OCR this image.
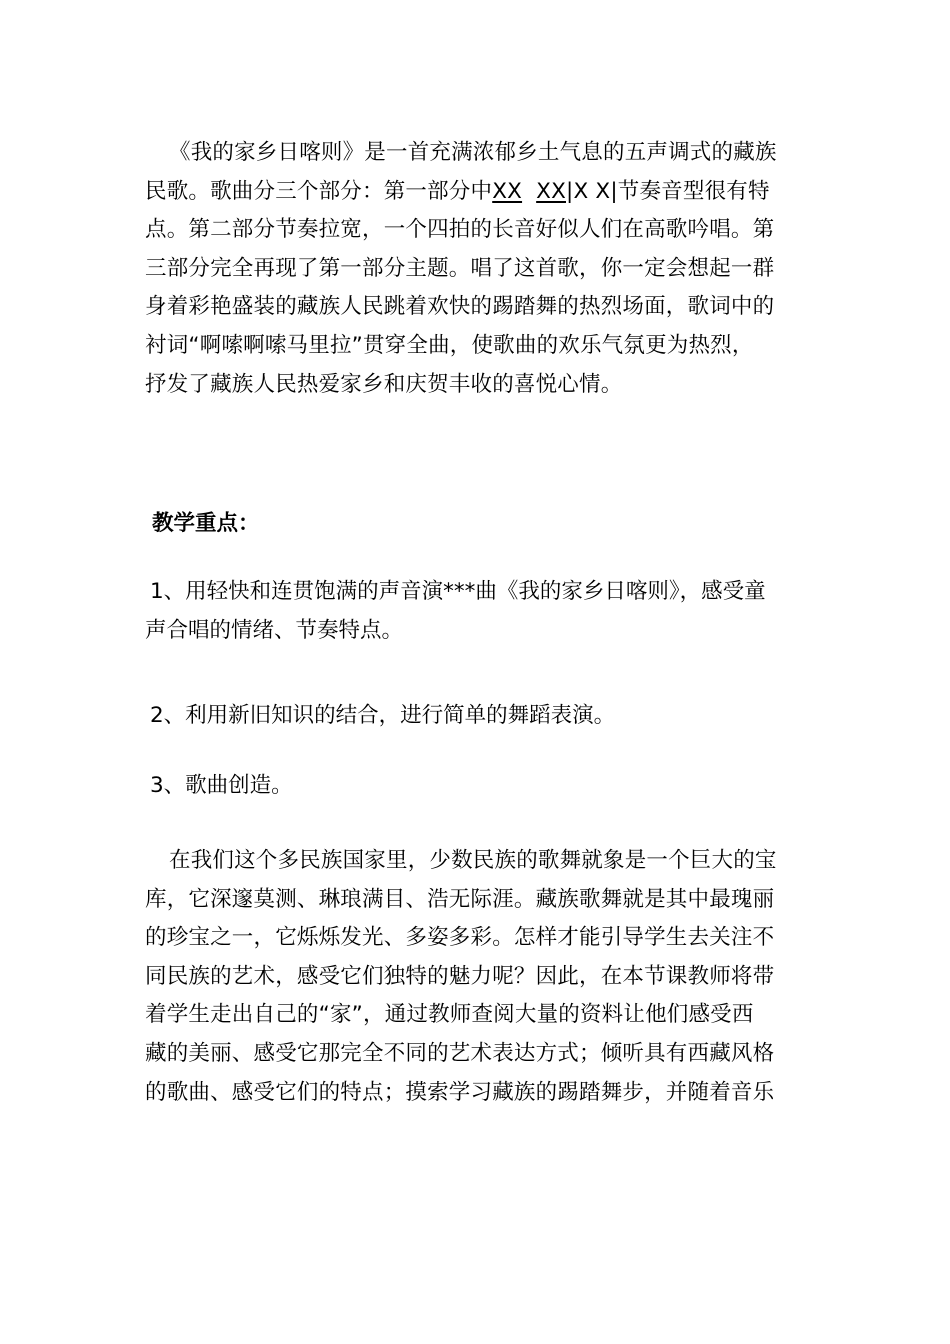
《我的家乡日喀则》是一首充满浓郁乡土气息的五声调式的藏族
民歌。歌曲分三个部分：第一部分中XX XX|X X|节奏音型很有特
点。第二部分节奏拉宽，一个四拍的长音好似人们在高歌吟唱。第
三部分完全再现了第一部分主题。唱了这首歌，你一定会想起一群
身着彩艳盛装的藏族人民跳着欢快的踢踏舞的热烈场面，歌词中的
衬词“啊嗦啊嗦马里拉”贯穿全曲，使歌曲的欢乐气氛更为热烈，
抒发了藏族人民热爱家乡和庆贺丰收的喜悦心情。
教学重点：
1、用轻快和连贯饱满的声音演***曲《我的家乡日喀则》，感受童
声合唱的情绪、节奏特点。
2、利用新旧知识的结合，进行简单的舞蹈表演。
3、歌曲创造。
在我们这个多民族国家里，少数民族的歌舞就象是一个巨大的宝
库，它深邃莫测、琳琅满目、浩无际涯。藏族歌舞就是其中最瑰丽
的珍宝之一，它烁烁发光、多姿多彩。怎样才能引导学生去关注不
同民族的艺术，感受它们独特的魅力呢？因此，在本节课教师将带
着学生走出自己的“家”，通过教师查阅大量的资料让他们感受西
藏的美丽、感受它那完全不同的艺术表达方式；倾听具有西藏风格
的歌曲、感受它们的特点；摸索学习藏族的踢踏舞步，并随着音乐
